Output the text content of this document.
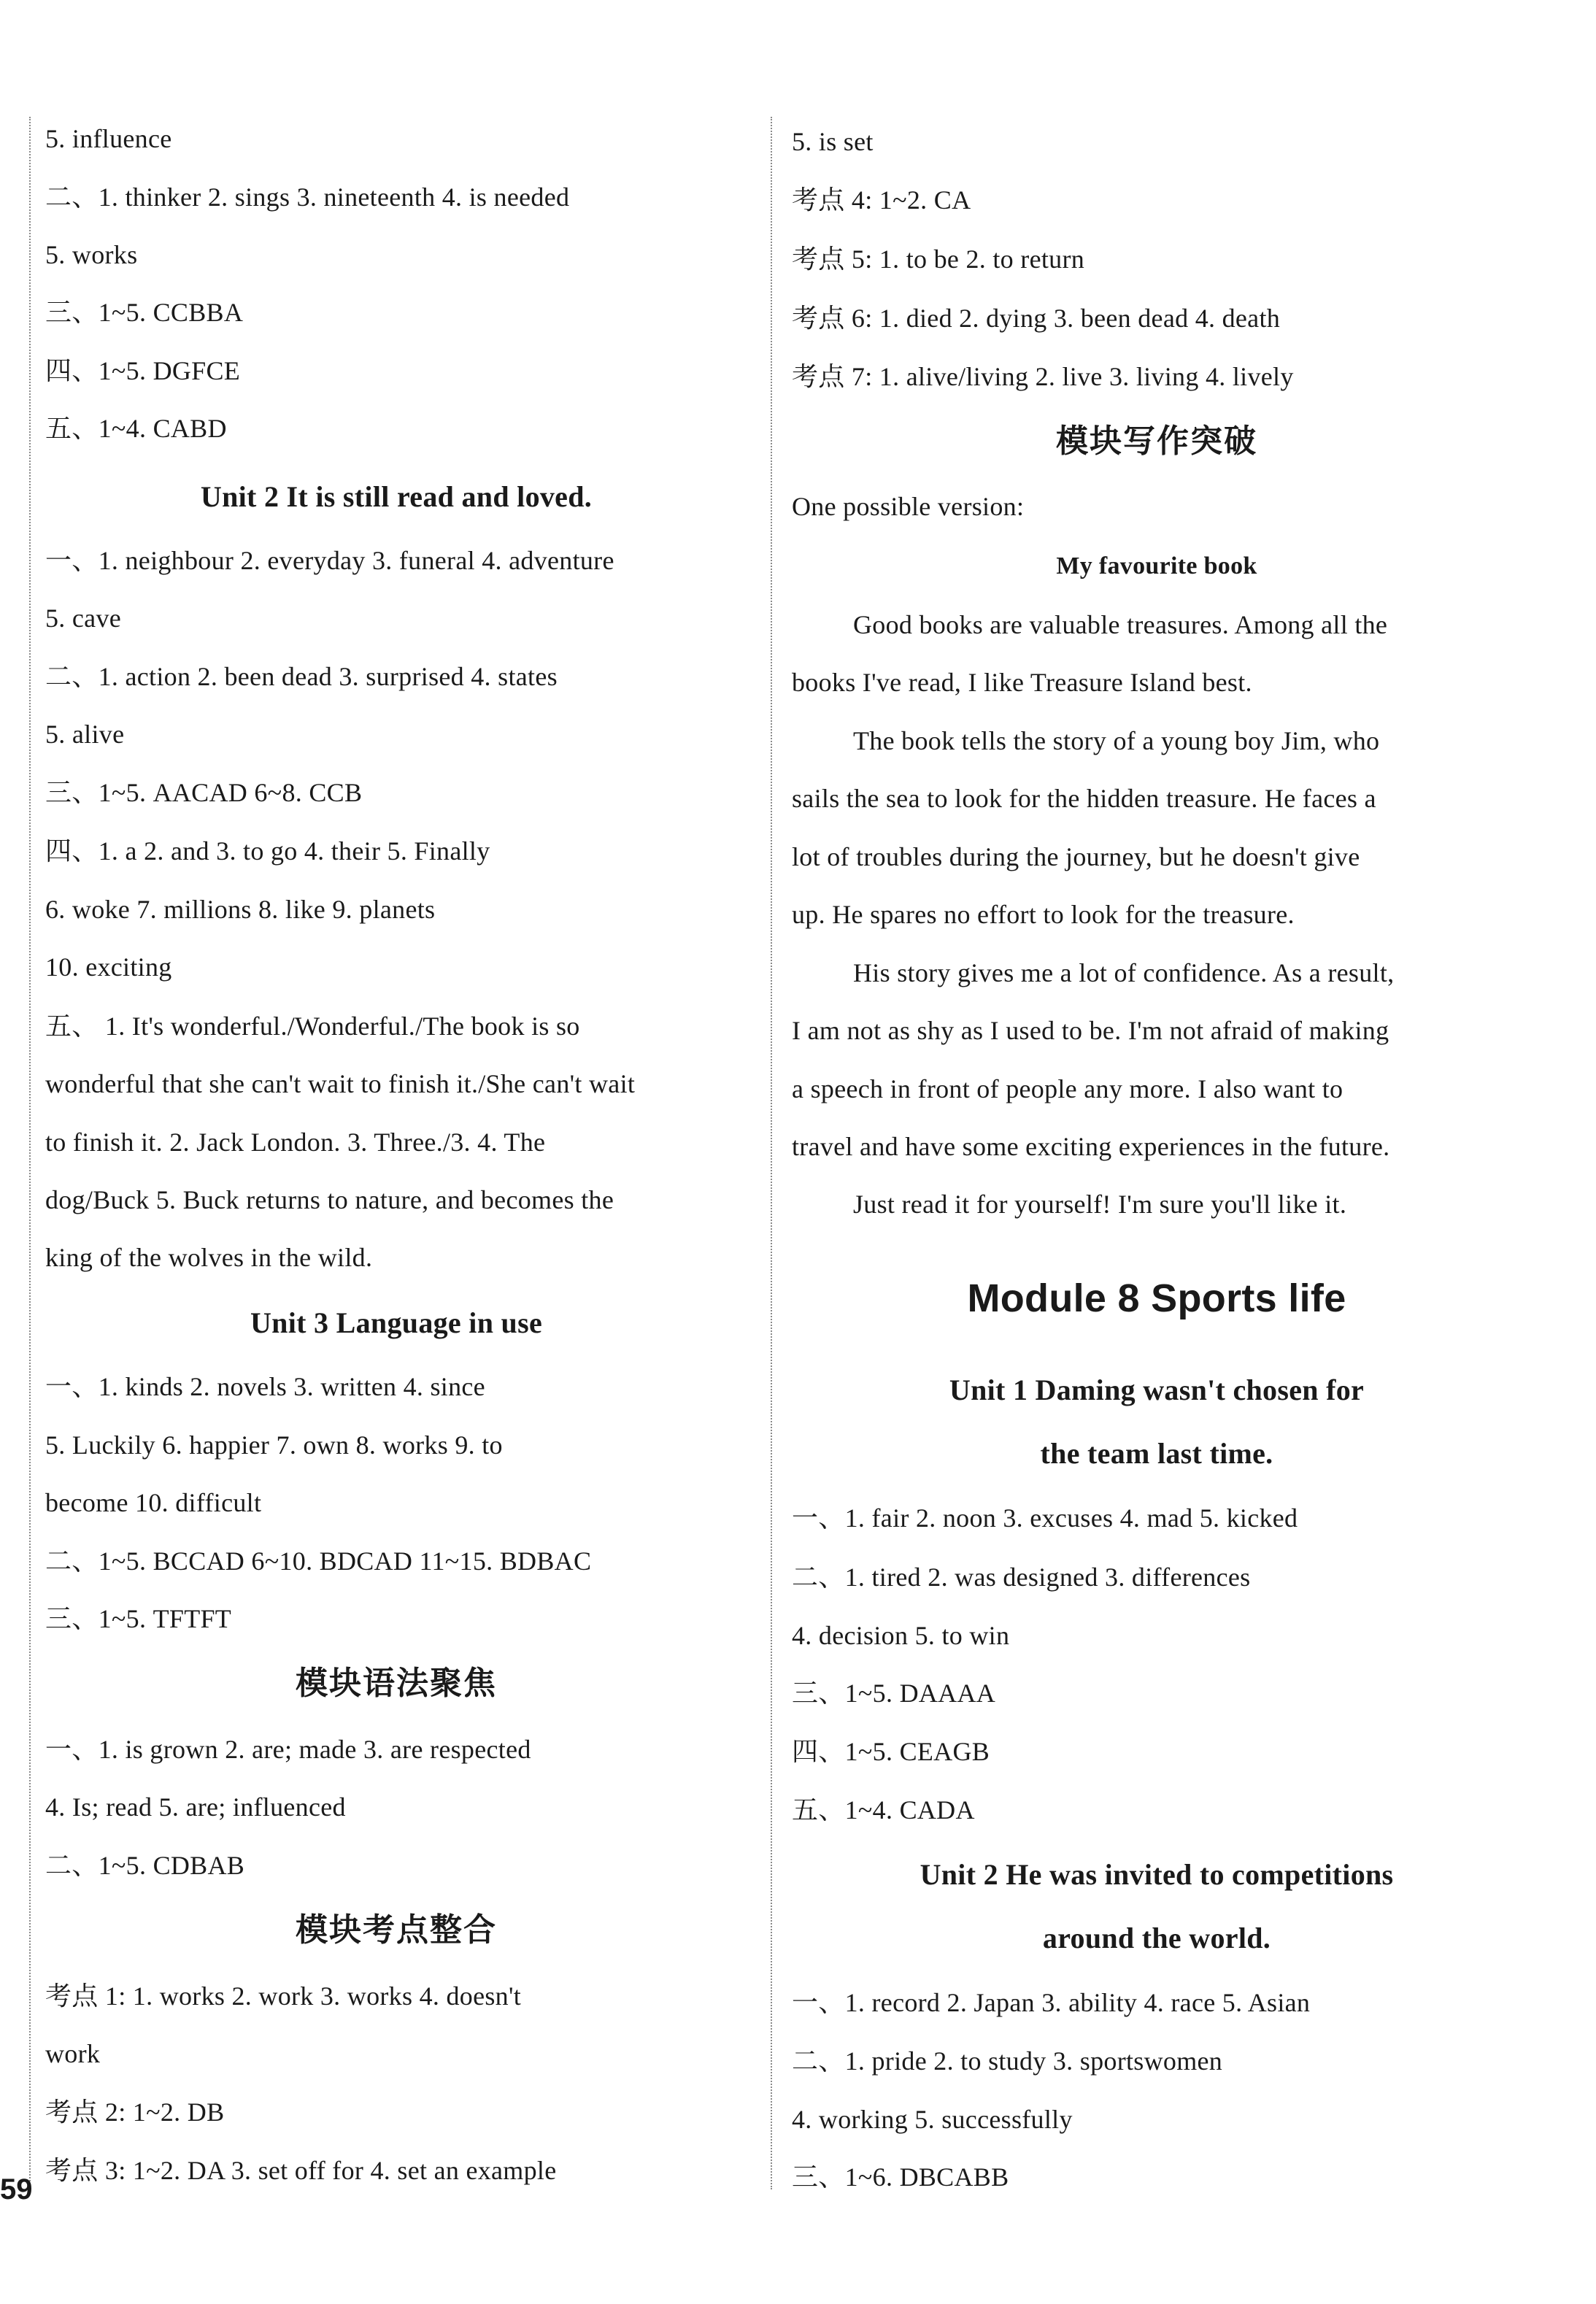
5. influence
二、1. thinker 2. sings 3. nineteenth 4. is needed
5. works
三、1~5. CCBBA
四、1~5. DGFCE
五、1~4. CABD
Unit 2 It is still read and loved.
一、1. neighbour 2. everyday 3. funeral 4. adventure
5. cave
二、1. action 2. been dead 3. surprised 4. states
5. alive
三、1~5. AACAD 6~8. CCB
四、1. a 2. and 3. to go 4. their 5. Finally
6. woke 7. millions 8. like 9. planets
10. exciting
五、 1. It's wonderful./Wonderful./The book is so
wonderful that she can't wait to finish it./She can't wait
to finish it. 2. Jack London. 3. Three./3. 4. The
dog/Buck 5. Buck returns to nature, and becomes the
king of the wolves in the wild.
Unit 3 Language in use
一、1. kinds 2. novels 3. written 4. since
5. Luckily 6. happier 7. own 8. works 9. to
become 10. difficult
二、1~5. BCCAD 6~10. BDCAD 11~15. BDBAC
三、1~5. TFTFT
模块语法聚焦
一、1. is grown 2. are; made 3. are respected
4. Is; read 5. are; influenced
二、1~5. CDBAB
模块考点整合
考点 1: 1. works 2. work 3. works 4. doesn't
work
考点 2: 1~2. DB
考点 3: 1~2. DA 3. set off for 4. set an example
5. is set
考点 4: 1~2. CA
考点 5: 1. to be 2. to return
考点 6: 1. died 2. dying 3. been dead 4. death
考点 7: 1. alive/living 2. live 3. living 4. lively
模块写作突破
One possible version:
My favourite book
Good books are valuable treasures. Among all the
books I've read, I like Treasure Island best.
The book tells the story of a young boy Jim, who
sails the sea to look for the hidden treasure. He faces a
lot of troubles during the journey, but he doesn't give
up. He spares no effort to look for the treasure.
His story gives me a lot of confidence. As a result,
I am not as shy as I used to be. I'm not afraid of making
a speech in front of people any more. I also want to
travel and have some exciting experiences in the future.
Just read it for yourself! I'm sure you'll like it.
Module 8 Sports life
Unit 1 Daming wasn't chosen for
the team last time.
一、1. fair 2. noon 3. excuses 4. mad 5. kicked
二、1. tired 2. was designed 3. differences
4. decision 5. to win
三、1~5. DAAAA
四、1~5. CEAGB
五、1~4. CADA
Unit 2 He was invited to competitions
around the world.
一、1. record 2. Japan 3. ability 4. race 5. Asian
二、1. pride 2. to study 3. sportswomen
4. working 5. successfully
三、1~6. DBCABB
59
